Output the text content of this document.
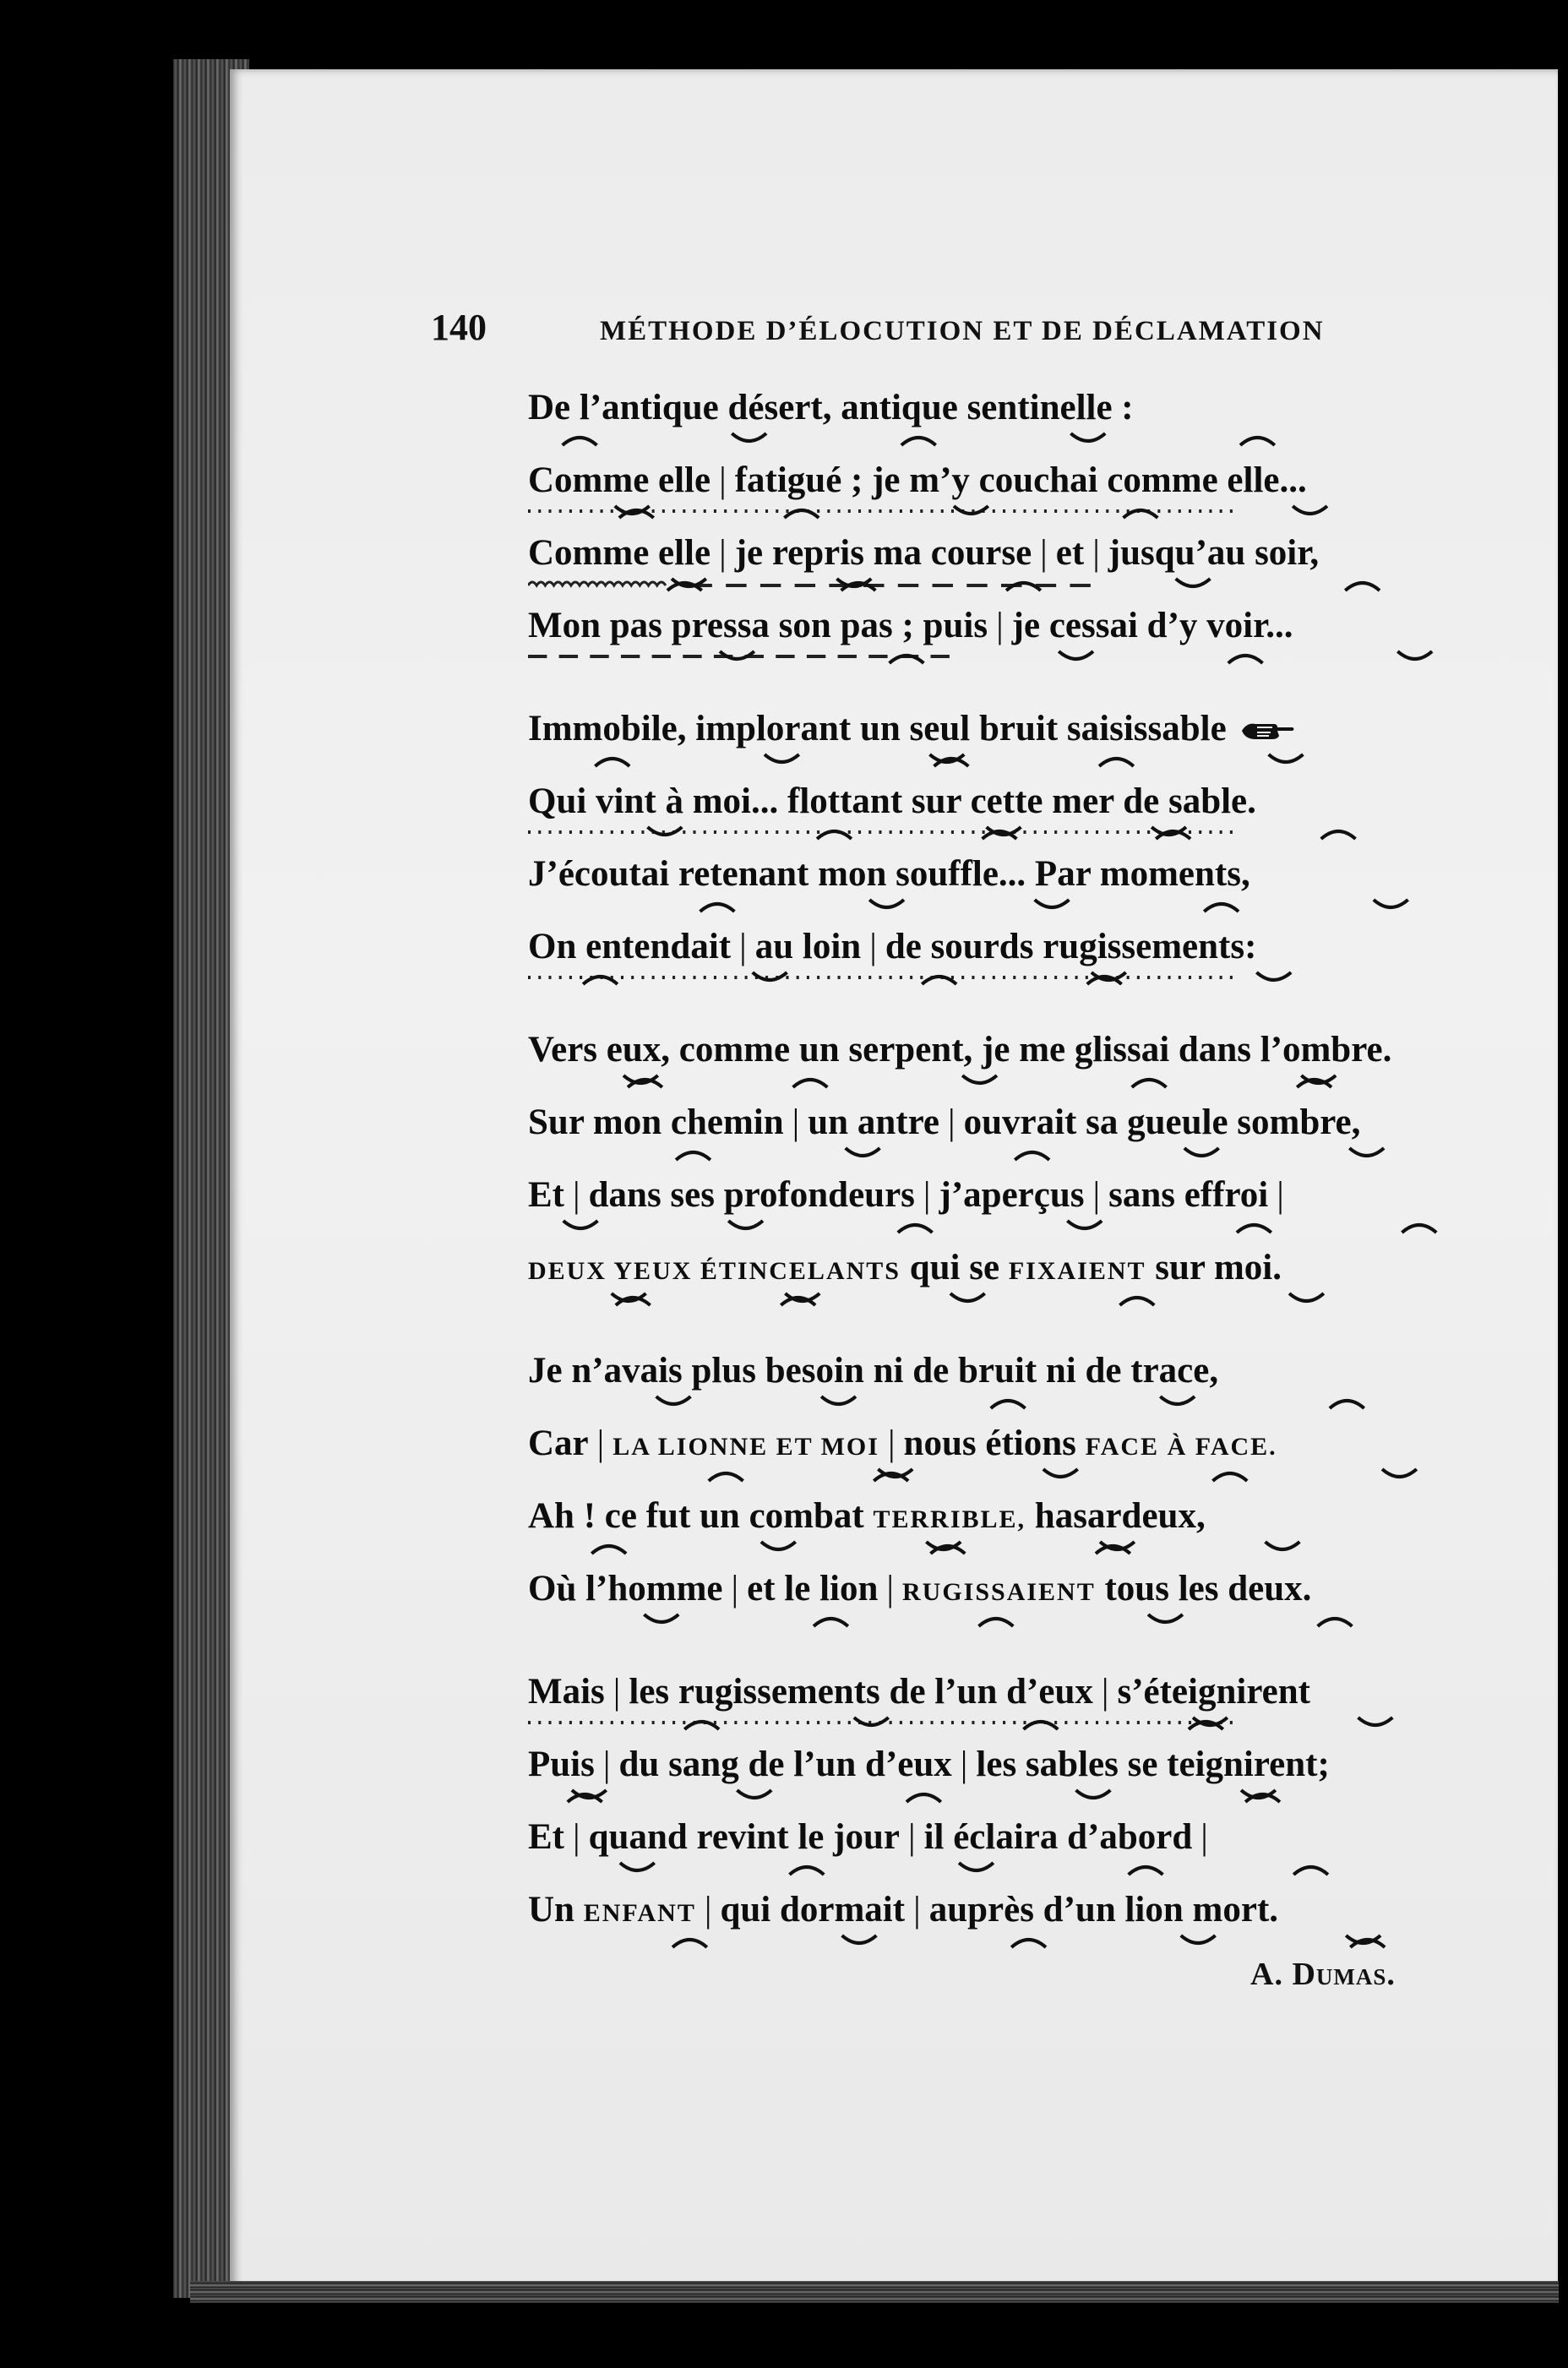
140	MÉTHODE D’ÉLOCUTION ET DE DÉCLAMATION
De l’antique désert, antique sentinelle :
Comme elle | fatigué ; je m’y couchai comme elle...
Comme elle | je repris ma course | et | jusqu’au soir,
Mon pas pressa son pas ; puis | je cessai d’y voir...
Immobile, implorant un seul bruit saisissable
Qui vint à moi... flottant sur cette mer de sable.
J’écoutai retenant mon souffle... Par moments,
On entendait | au loin | de sourds rugissements:
Vers eux, comme un serpent, je me glissai dans l’ombre.
Sur mon chemin | un antre | ouvrait sa gueule sombre,
Et | dans ses profondeurs | j’aperçus | sans effroi |
DEUX YEUX ÉTINCELANTS qui se FIXAIENT sur moi.
Je n’avais plus besoin ni de bruit ni de trace,
Car | LA LIONNE ET MOI | nous étions FACE À FACE.
Ah ! ce fut un combat TERRIBLE, hasardeux,
Où l’homme | et le lion | RUGISSAIENT tous les deux.
Mais | les rugissements de l’un d’eux | s’éteignirent
Puis | du sang de l’un d’eux | les sables se teignirent;
Et | quand revint le jour | il éclaira d’abord |
Un ENFANT | qui dormait | auprès d’un lion mort.
A. Dumas.
